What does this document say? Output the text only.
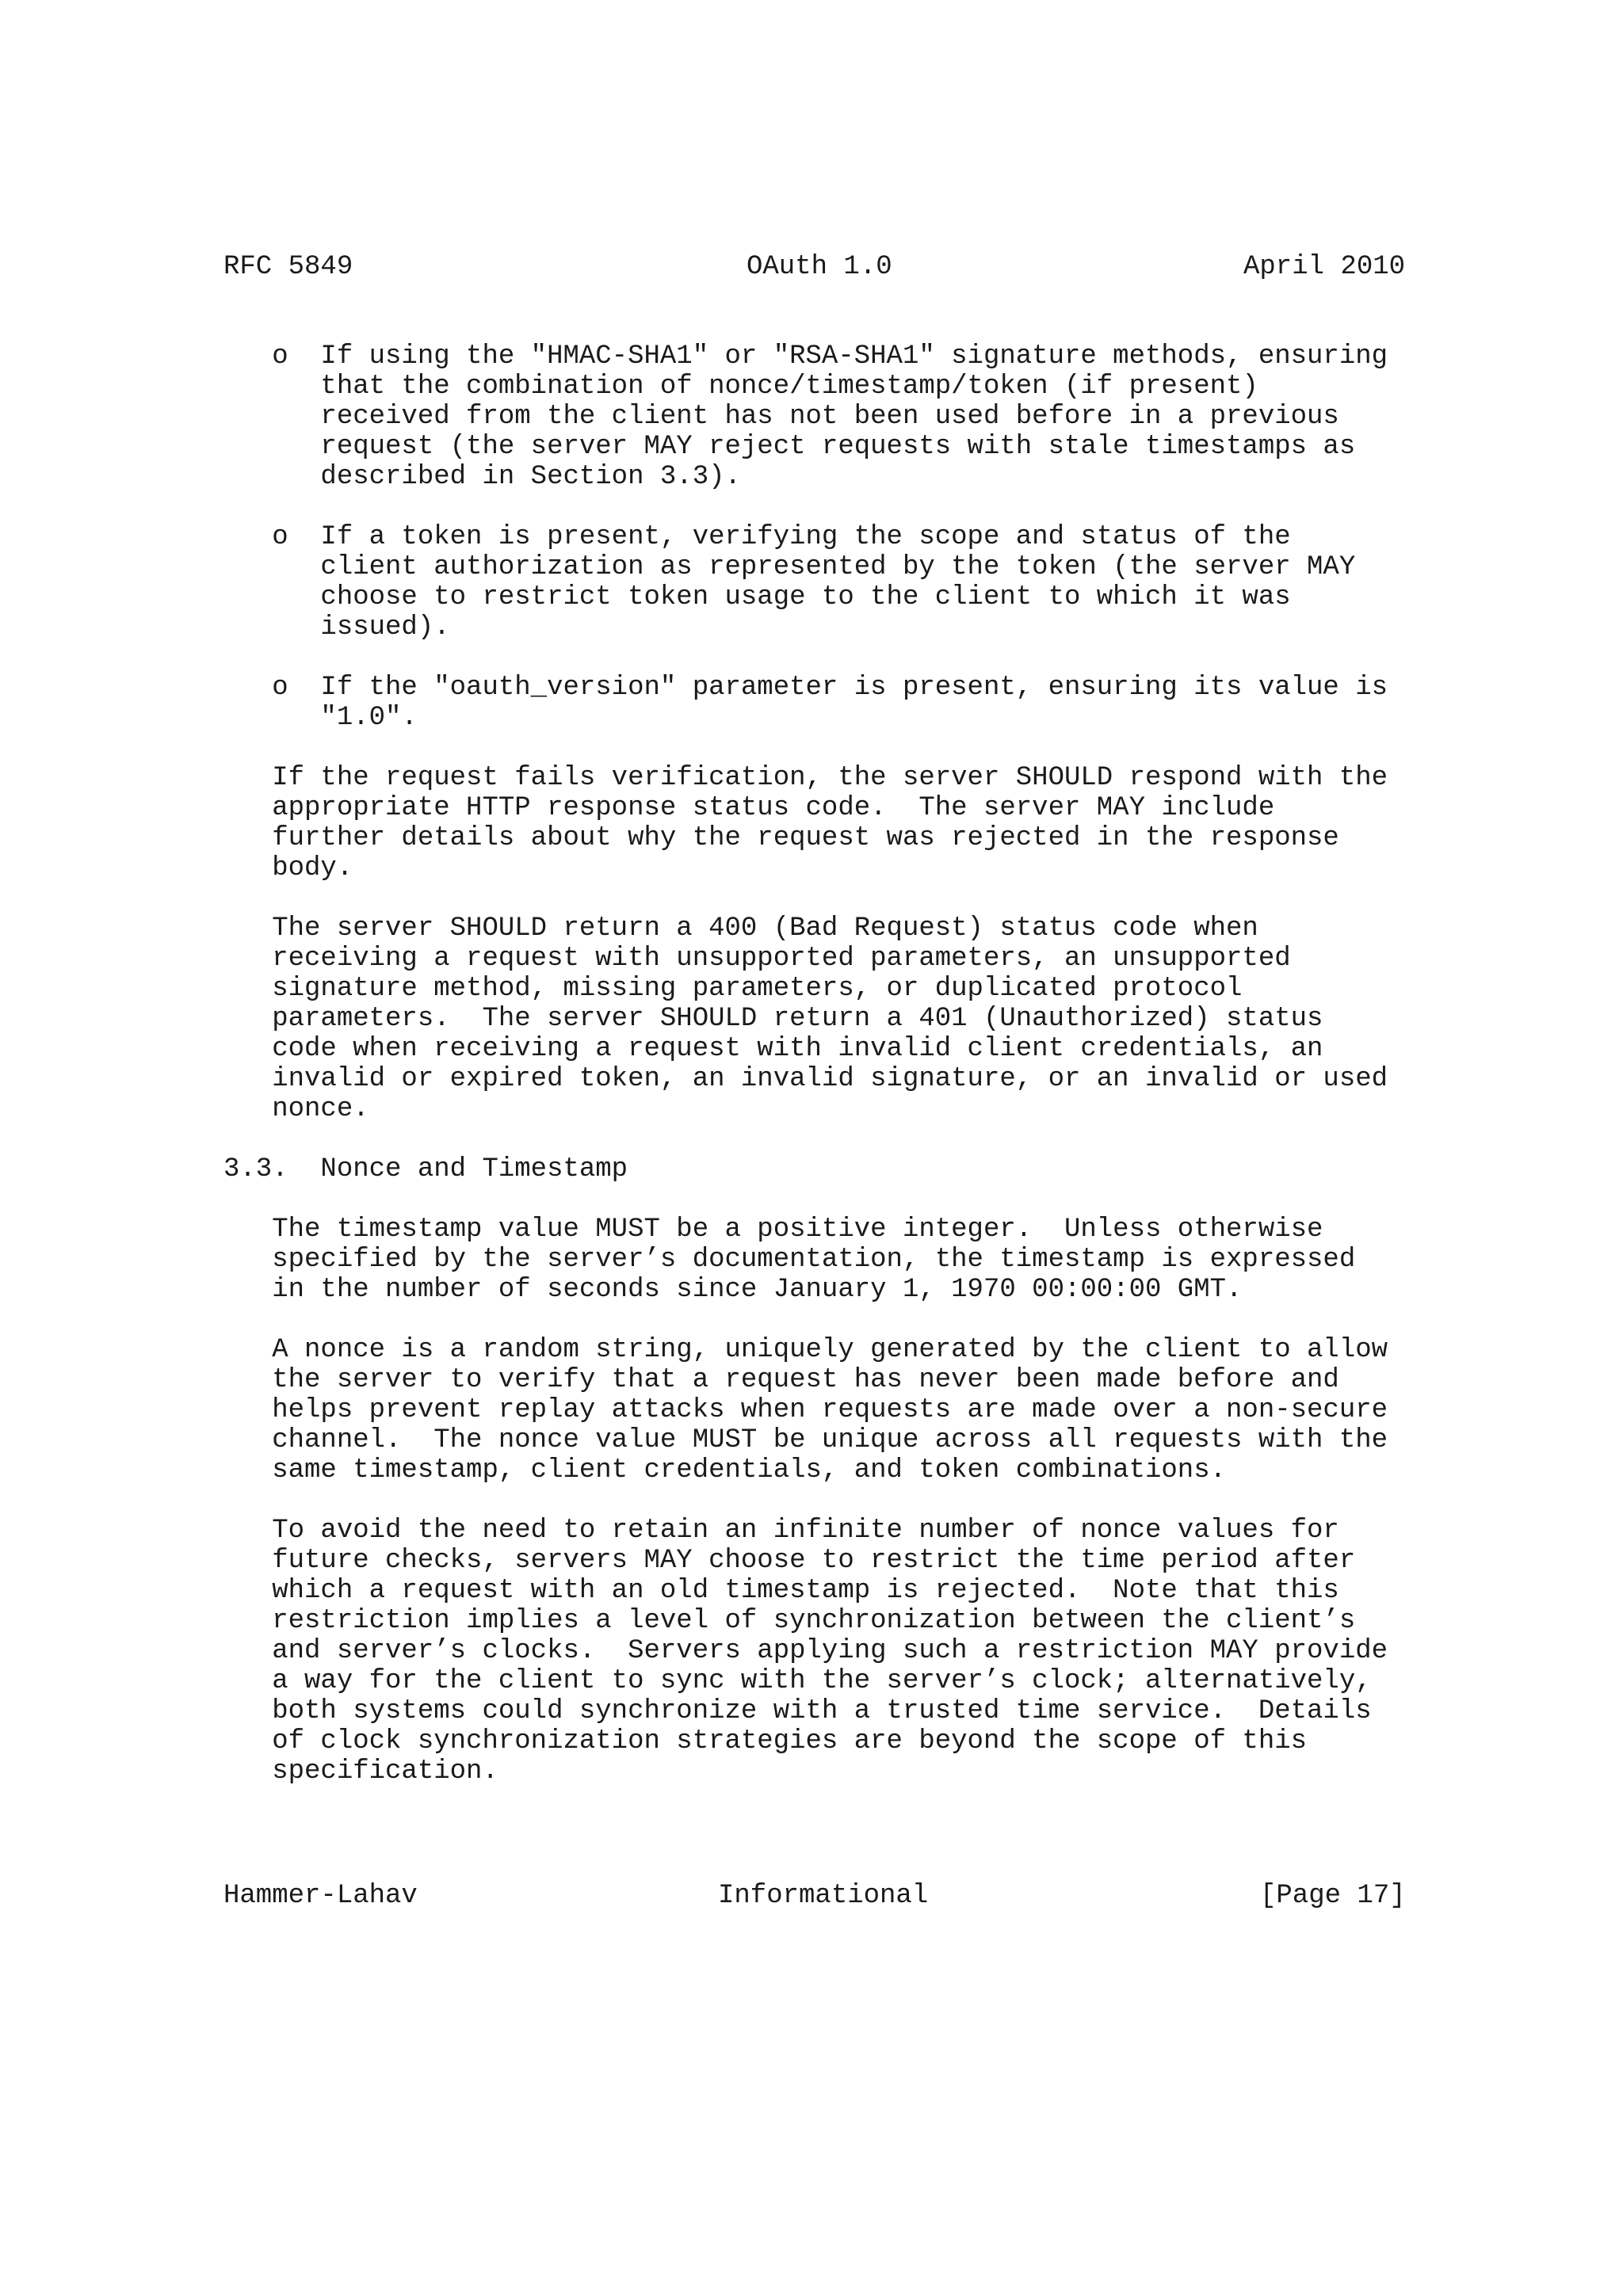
RFC 5849	OAuth 1.0	April 2010
o  If using the "HMAC-SHA1" or "RSA-SHA1" signature methods, ensuring
that the combination of nonce/timestamp/token (if present)
received from the client has not been used before in a previous
request (the server MAY reject requests with stale timestamps as
described in Section 3.3).
o  If a token is present, verifying the scope and status of the
client authorization as represented by the token (the server MAY
choose to restrict token usage to the client to which it was
issued).
o  If the "oauth_version" parameter is present, ensuring its value is
"1.0".
If the request fails verification, the server SHOULD respond with the
appropriate HTTP response status code.  The server MAY include
further details about why the request was rejected in the response
body.
The server SHOULD return a 400 (Bad Request) status code when
receiving a request with unsupported parameters, an unsupported
signature method, missing parameters, or duplicated protocol
parameters.  The server SHOULD return a 401 (Unauthorized) status
code when receiving a request with invalid client credentials, an
invalid or expired token, an invalid signature, or an invalid or used
nonce.
3.3.  Nonce and Timestamp
The timestamp value MUST be a positive integer.  Unless otherwise
specified by the server’s documentation, the timestamp is expressed
in the number of seconds since January 1, 1970 00:00:00 GMT.
A nonce is a random string, uniquely generated by the client to allow
the server to verify that a request has never been made before and
helps prevent replay attacks when requests are made over a non-secure
channel.  The nonce value MUST be unique across all requests with the
same timestamp, client credentials, and token combinations.
To avoid the need to retain an infinite number of nonce values for
future checks, servers MAY choose to restrict the time period after
which a request with an old timestamp is rejected.  Note that this
restriction implies a level of synchronization between the client’s
and server’s clocks.  Servers applying such a restriction MAY provide
a way for the client to sync with the server’s clock; alternatively,
both systems could synchronize with a trusted time service.  Details
of clock synchronization strategies are beyond the scope of this
specification.
Hammer-Lahav	Informational	[Page 17]
